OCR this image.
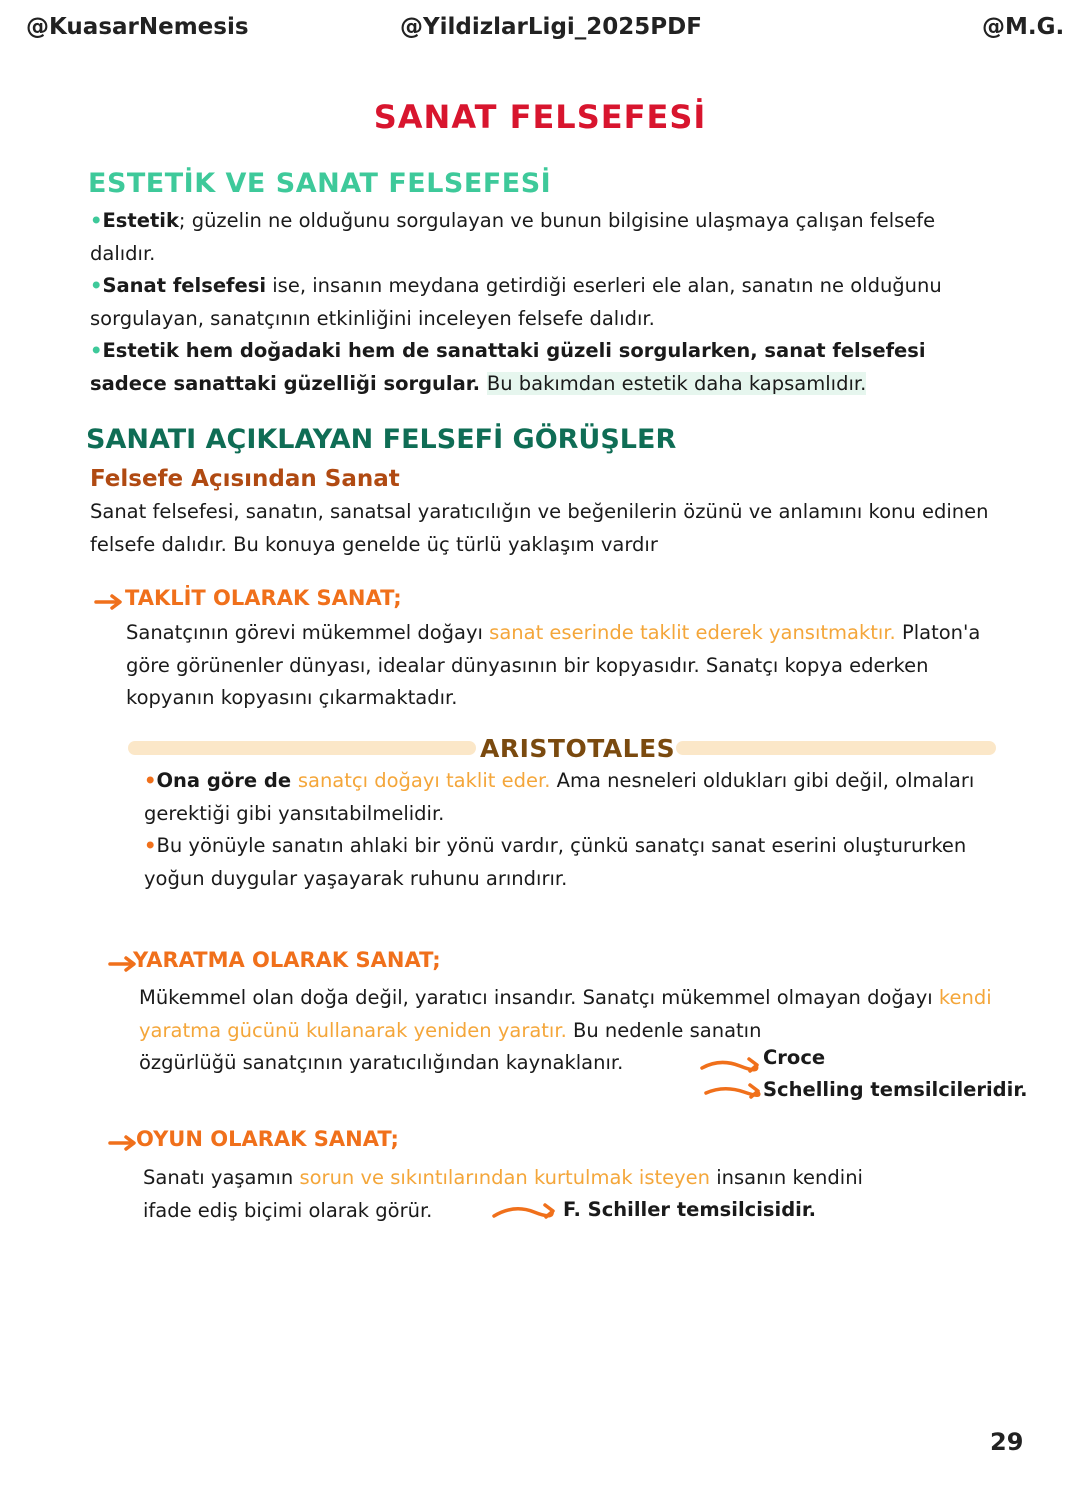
@KuasarNemesis	@YildizlarLigi_2025PDF	@M.G.
SANAT FELSEFESİ
ESTETİK VE SANAT FELSEFESİ
•Estetik; güzelin ne olduğunu sorgulayan ve bunun bilgisine ulaşmaya çalışan felsefe dalıdır.
•Sanat felsefesi ise, insanın meydana getirdiği eserleri ele alan, sanatın ne olduğunu sorgulayan, sanatçının etkinliğini inceleyen felsefe dalıdır.
•Estetik hem doğadaki hem de sanattaki güzeli sorgularken, sanat felsefesi sadece sanattaki güzelliği sorgular. Bu bakımdan estetik daha kapsamlıdır.
SANATI AÇIKLAYAN FELSEFİ GÖRÜŞLER
Felsefe Açısından Sanat
Sanat felsefesi, sanatın, sanatsal yaratıcılığın ve beğenilerin özünü ve anlamını konu edinen felsefe dalıdır. Bu konuya genelde üç türlü yaklaşım vardır
TAKLİT OLARAK SANAT;
Sanatçının görevi mükemmel doğayı sanat eserinde taklit ederek yansıtmaktır. Platon'a göre görünenler dünyası, idealar dünyasının bir kopyasıdır. Sanatçı kopya ederken kopyanın kopyasını çıkarmaktadır.
ARISTOTALES
•Ona göre de sanatçı doğayı taklit eder. Ama nesneleri oldukları gibi değil, olmaları gerektiği gibi yansıtabilmelidir.
•Bu yönüyle sanatın ahlaki bir yönü vardır, çünkü sanatçı sanat eserini oluştururken yoğun duygular yaşayarak ruhunu arındırır.
YARATMA OLARAK SANAT;
Mükemmel olan doğa değil, yaratıcı insandır. Sanatçı mükemmel olmayan doğayı kendi yaratma gücünü kullanarak yeniden yaratır. Bu nedenle sanatın
özgürlüğü sanatçının yaratıcılığından kaynaklanır.	Croce
Schelling temsilcileridir.
OYUN OLARAK SANAT;
Sanatı yaşamın sorun ve sıkıntılarından kurtulmak isteyen insanın kendini
ifade ediş biçimi olarak görür.	F. Schiller temsilcisidir.
29
